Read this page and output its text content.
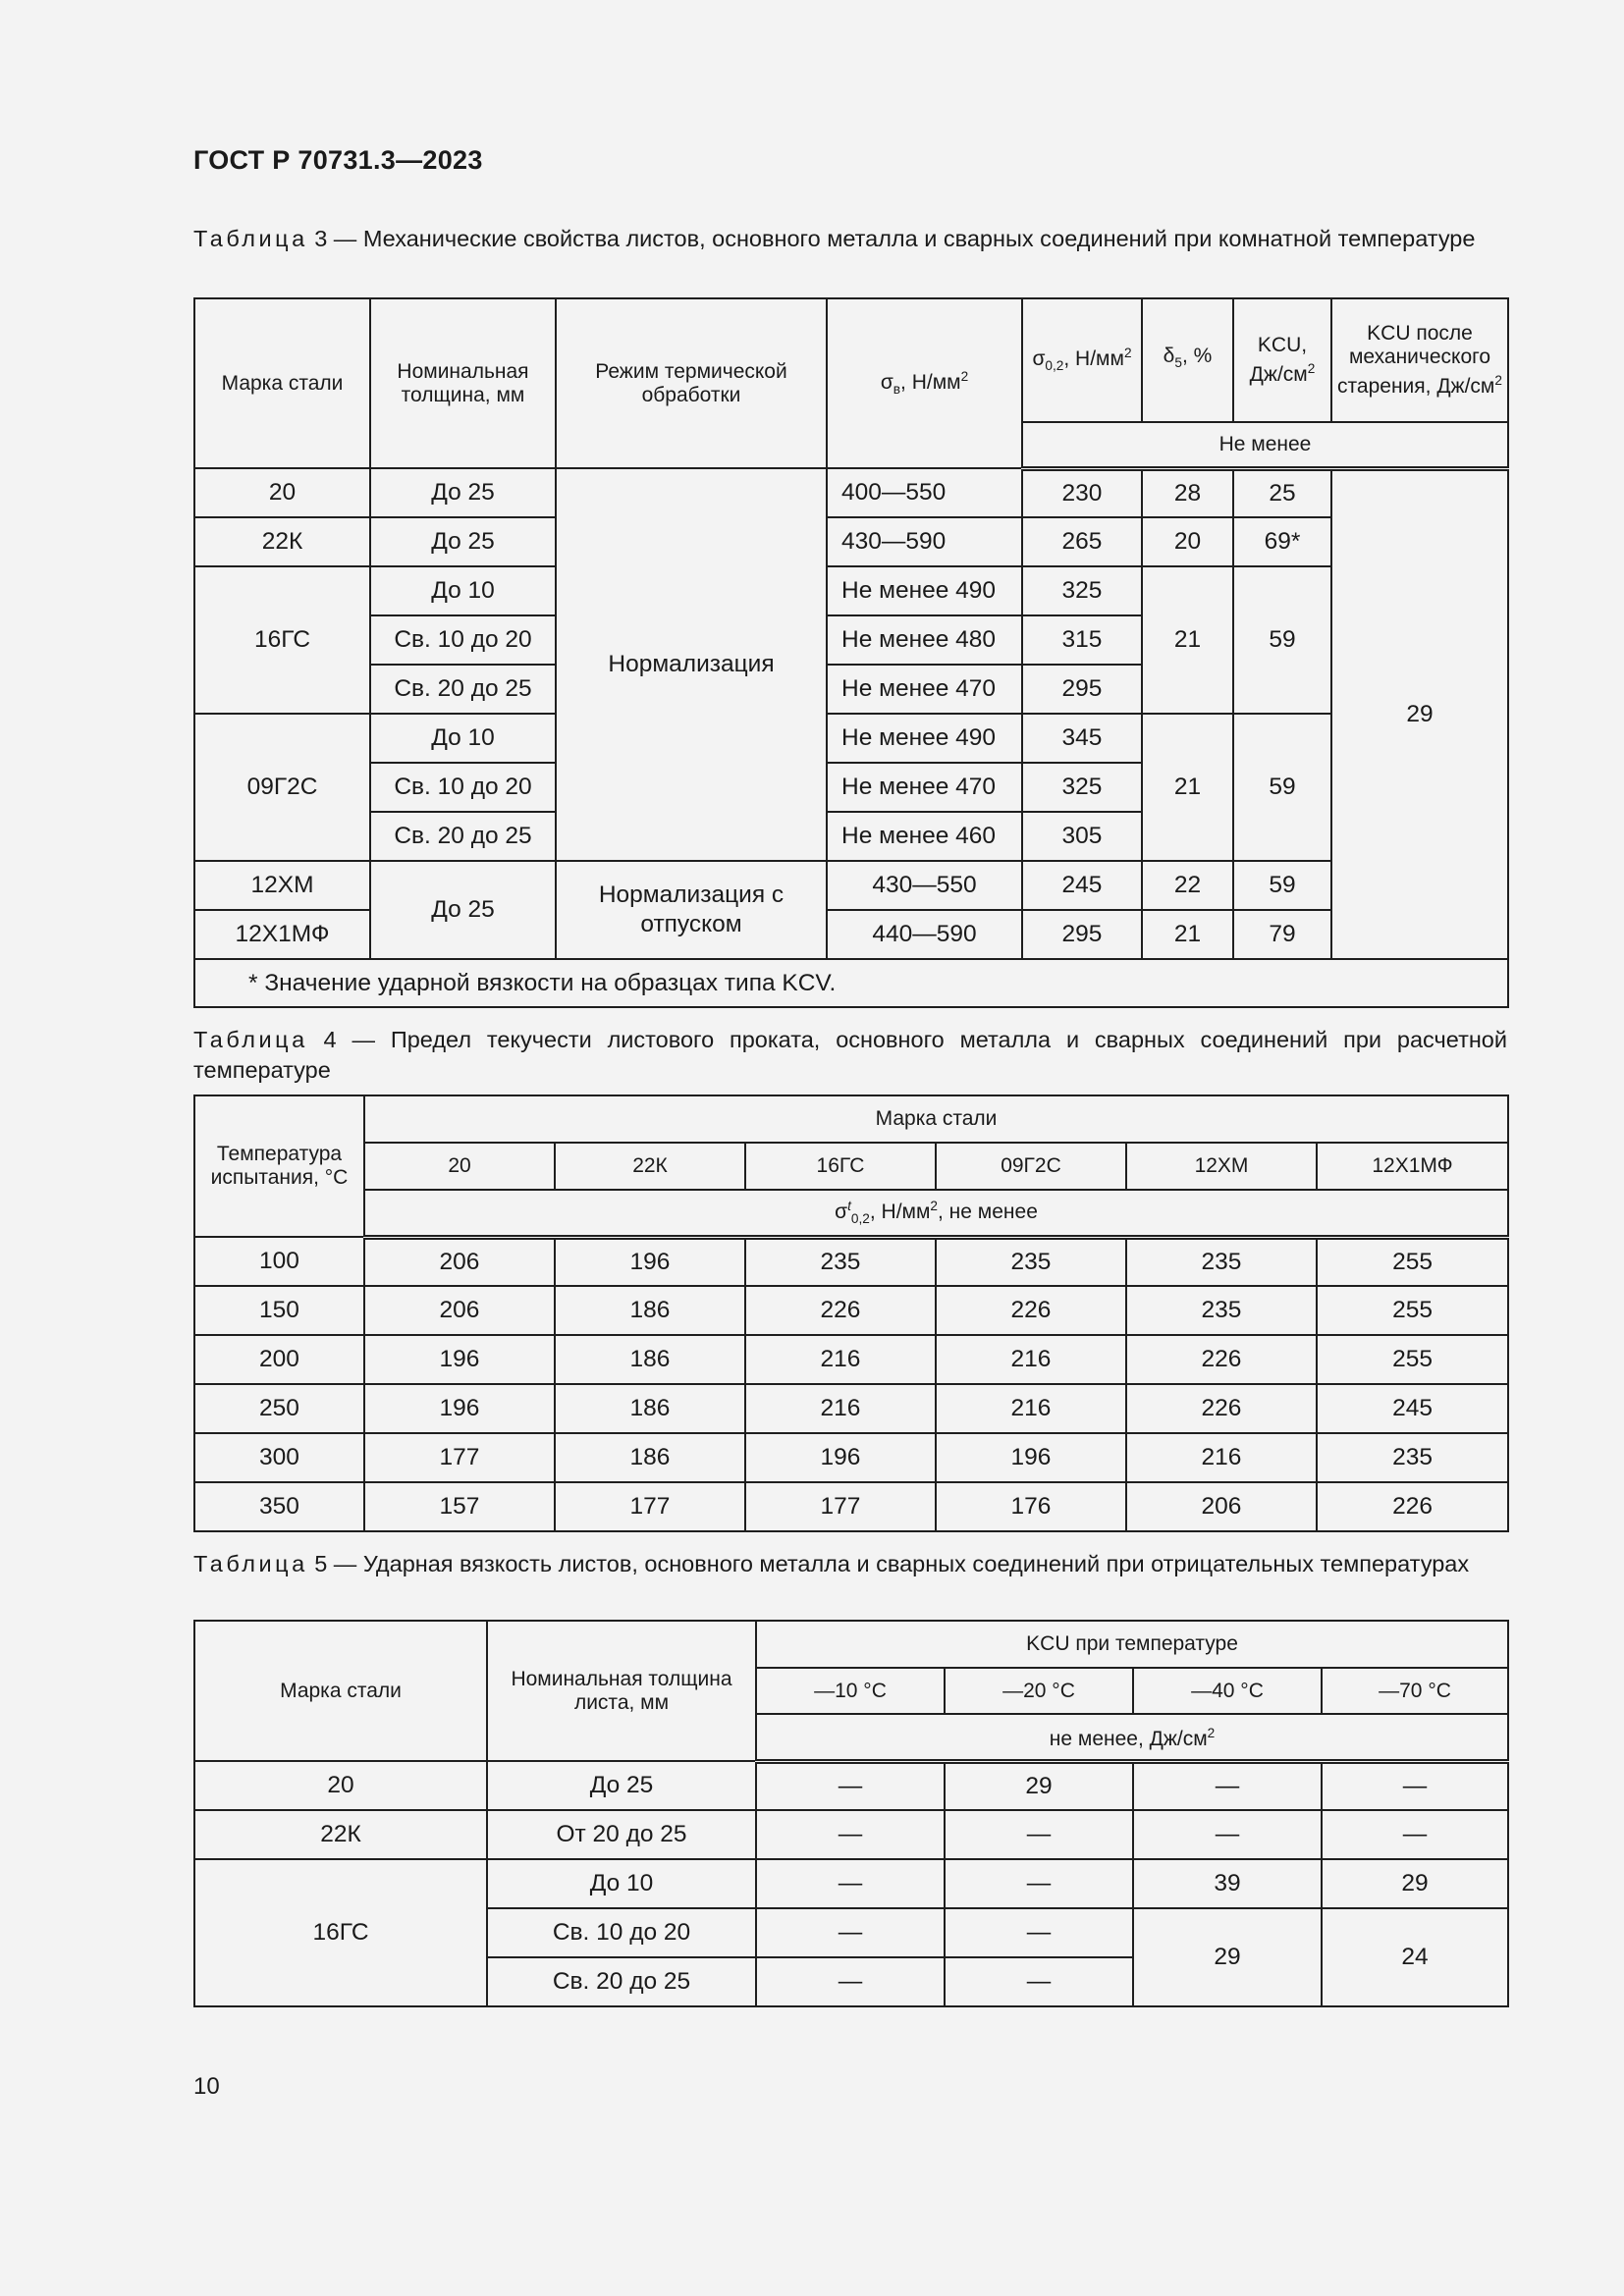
ГОСТ Р 70731.3—2023
Таблица 3 — Механические свойства листов, основного металла и сварных соединений при комнатной температуре
Марка стали	Номинальная толщина, мм	Режим термической обработки	$\sigma_в$, $Н/мм^2$	$\sigma_{0,2}$, $Н/мм^2$	$\delta_5$, %	KCU, $Дж/см^2$	KCU после механического старения, $Дж/см^2$
				Не менее			
20	До 25	Нормализация	400—550	230	28	25	29
22К	До 25		430—590	265	20	69*	
16ГС	До 10		Не менее 490	325	21	59	
	Св. 10 до 20		Не менее 480	315			
	Св. 20 до 25		Не менее 470	295			
09Г2С	До 10		Не менее 490	345	21	59	
	Св. 10 до 20		Не менее 470	325			
	Св. 20 до 25		Не менее 460	305			
12ХМ	До 25	Нормализация с отпуском	430—550	245	22	59	
12Х1МФ			440—590	295	21	79	
* Значение ударной вязкости на образцах типа KCV.							
Таблица 4 — Предел текучести листового проката, основного металла и сварных соединений при расчетной температуре
Температура испытания, °С	Марка стали					
	20	22К	16ГС	09Г2С	12ХМ	12Х1МФ
	$\sigma^t_{0,2}$, $Н/мм^2$, не менее					
100	206	196	235	235	235	255
150	206	186	226	226	235	255
200	196	186	216	216	226	255
250	196	186	216	216	226	245
300	177	186	196	196	216	235
350	157	177	177	176	206	226
Таблица 5 — Ударная вязкость листов, основного металла и сварных соединений при отрицательных температурах
Марка стали	Номинальная толщина листа, мм	KCU при температуре			
		—10 °С	—20 °С	—40 °С	—70 °С
		не менее, $Дж/см^2$
20	До 25	—	29	—	—
22К	От 20 до 25	—	—	—	—
16ГС	До 10	—	—	39	29
	Св. 10 до 20	—	—	29	24
	Св. 20 до 25	—	—		
10
